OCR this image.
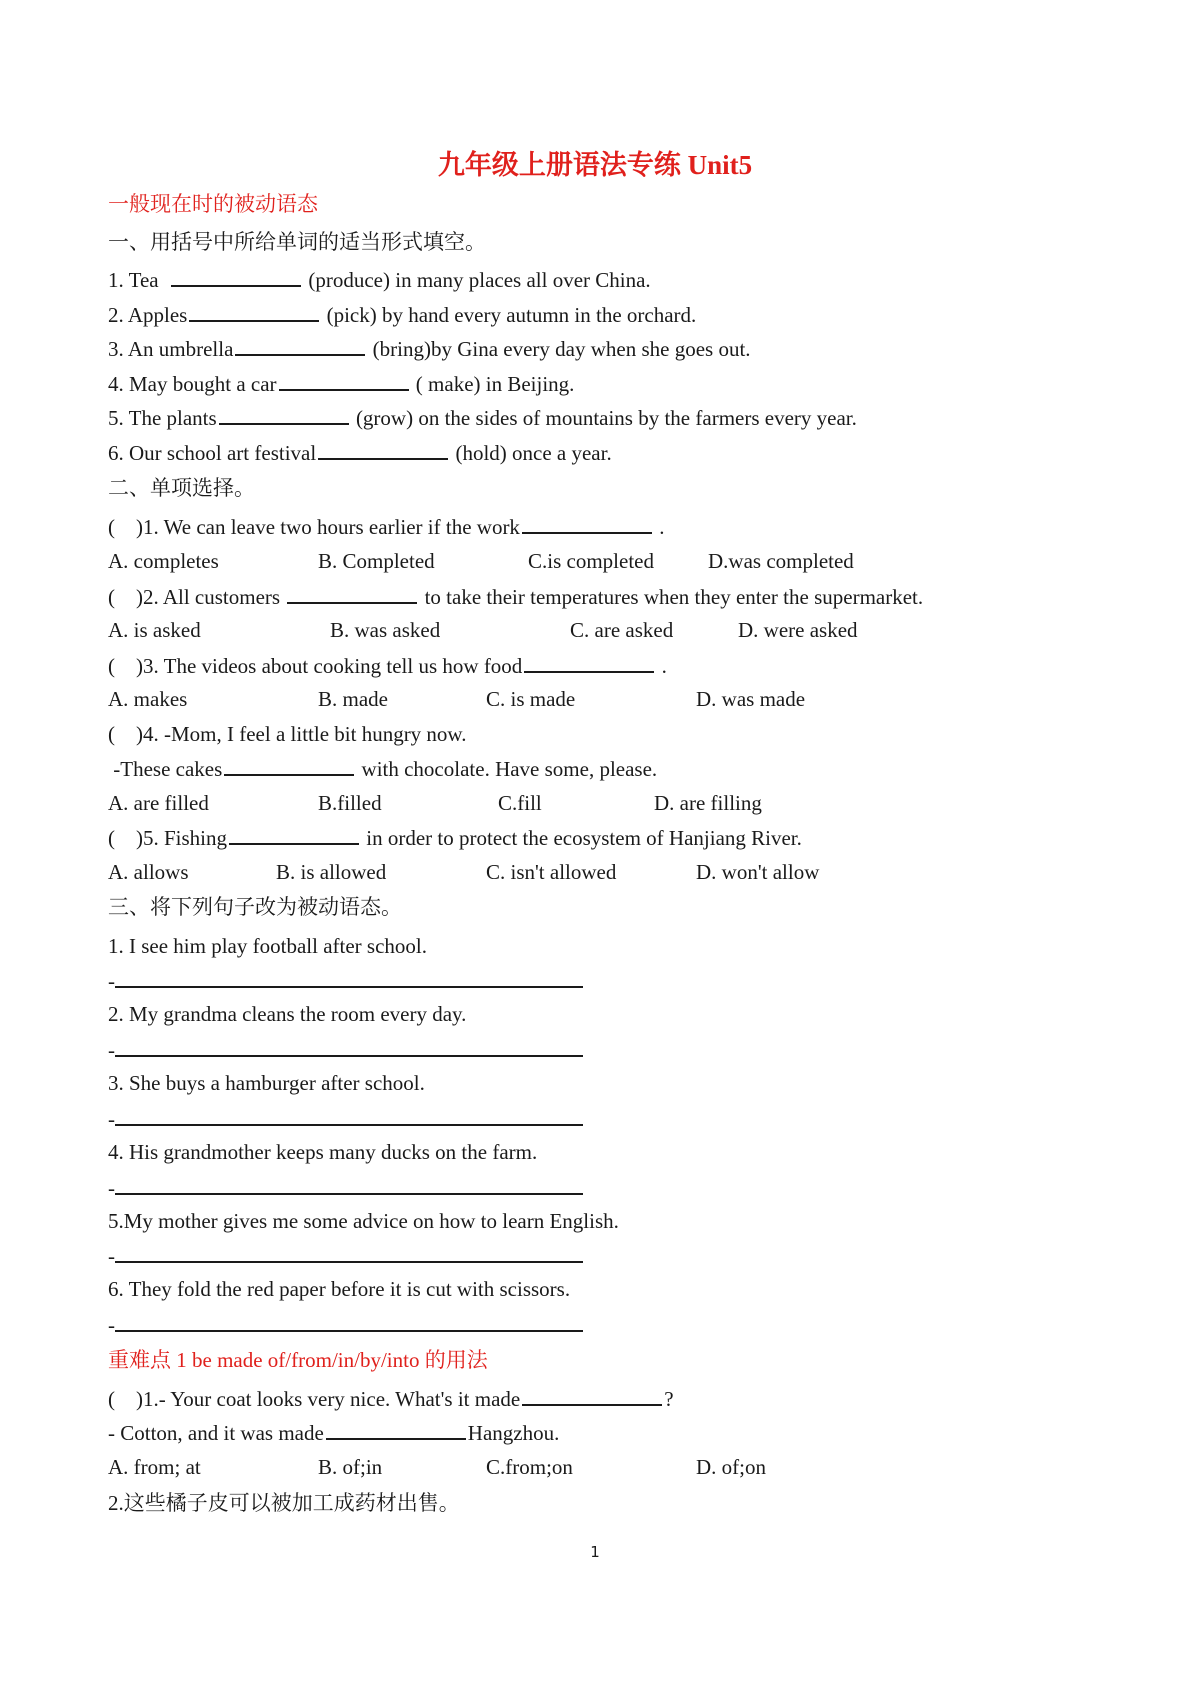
九年级上册语法专练 Unit5
一般现在时的被动语态
一、用括号中所给单词的适当形式填空。
1. Tea	(produce) in many places all over China.
2. Apples	(pick) by hand every autumn in the orchard.
3. An umbrella	(bring)by Gina every day when she goes out.
4. May bought a car	( make) in Beijing.
5. The plants	(grow) on the sides of mountains by the farmers every year.
6. Our school art festival	(hold) once a year.
二、单项选择。
( )1. We can leave two hours earlier if the work	.
A. completes	B. Completed	C.is completed	D.was completed
( )2. All customers	to take their temperatures when they enter the supermarket.
A. is asked	B. was asked	C. are asked	D. were asked
( )3. The videos about cooking tell us how food	.
A. makes	B. made	C. is made	D. was made
( )4. -Mom, I feel a little bit hungry now.
-These cakes	with chocolate. Have some, please.
A. are filled	B.filled	C.fill	D. are filling
( )5. Fishing	in order to protect the ecosystem of Hanjiang River.
A. allows	B. is allowed	C. isn't allowed	D. won't allow
三、将下列句子改为被动语态。
1. I see him play football after school.
-
2. My grandma cleans the room every day.
-
3. She buys a hamburger after school.
-
4. His grandmother keeps many ducks on the farm.
-
5.My mother gives me some advice on how to learn English.
-
6. They fold the red paper before it is cut with scissors.
-
重难点 1 be made of/from/in/by/into 的用法
( )1.- Your coat looks very nice. What's it made	?
- Cotton, and it was made	Hangzhou.
A. from; at	B. of;in	C.from;on	D. of;on
2.这些橘子皮可以被加工成药材出售。
1
